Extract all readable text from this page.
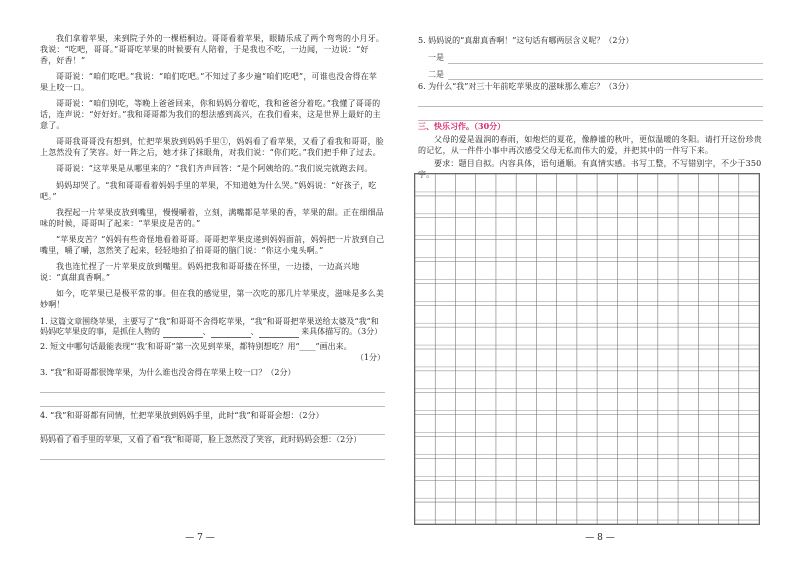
我们拿着苹果，来到院子外的一棵梧桐边。哥哥看着苹果，眼睛乐成了两个弯弯的小月牙。我说：“吃吧，哥哥。”哥哥吃苹果的时候要有人陪着，于是我也不吃，一边闻，一边说：“好香，好香！”

哥哥说：“咱们吃吧。”我说：“咱们吃吧。”不知过了多少遍“咱们吃吧”，可谁也没舍得在苹果上咬一口。

哥哥说：“咱们别吃，等晚上爸爸回来，你和妈妈分着吃，我和爸爸分着吃。”我懂了哥哥的话，连声说：“好好好。”我和哥哥都为我们的想法感到高兴，在我们看来，这是世界上最好的主意了。

哥哥我哥哥没有想到，忙把苹果放到妈妈手里①，妈妈看了看苹果，又看了看我和哥哥，脸上忽然没有了笑容。好一阵之后，她才抹了抹眼角，对我们说：“你们吃。”我们把手伸了过去。

哥哥说：“这苹果是从哪里来的？”我们齐声回答：“是个阿姨给的。”我们说完就跑去问。

妈妈却哭了。“我和哥哥看着妈妈手里的苹果，不知道她为什么哭。”妈妈说：“好孩子，吃吧。”

我捏起一片苹果皮放到嘴里，慢慢嚼着，立刻，满嘴都是苹果的香，苹果的甜。正在细细品味的时候，哥哥叫了起来：“苹果皮是苦的。”

“苹果皮苦？”妈妈有些奇怪地看着哥哥。哥哥把苹果皮递到妈妈面前，妈妈把一片放到自己嘴里，嚼了嚼，忽然笑了起来，轻轻地拍了拍哥哥的脑门说：“你这小鬼头啊。”

我也连忙捏了一片苹果皮放到嘴里。妈妈把我和哥哥搂在怀里，一边搂，一边高兴地说：“真甜真香啊。”

如今，吃苹果已是极平常的事。但在我的感觉里，第一次吃的那几片苹果皮，滋味是多么美妙啊！

1. 这篇文章围绕苹果，主要写了“我”和哥哥不舍得吃苹果，“我”和哥哥把苹果送给太婆及“我”和妈妈吃苹果皮的事，是抓住人物的	、	、	来具体描写的。（3分）
2. 短文中哪句话最能表现“‘我’和哥哥”第一次见到苹果，都特别想吃？用“____”画出来。
（1分）
3. “我”和哥哥都很馋苹果，为什么谁也没舍得在苹果上咬一口？（2分）
4. “我”和哥哥都有同情，忙把苹果放到妈妈手里，此时“我”和哥哥会想：（2分）
妈妈看了看手里的苹果，又看了看“我”和哥哥，脸上忽然没了笑容，此时妈妈会想：（2分）
— 7 —
5. 妈妈说的“真甜真香啊！”这句话有哪两层含义呢？（2分）
一是
二是
6. 为什么“我”对三十年前吃苹果皮的滋味那么难忘？（3分）
三、快乐习作。（30分）

父母的爱是温润的春雨，如炮烂的夏花，像静谧的秋叶，更似温暖的冬阳。请打开这份珍贵的记忆，从一件件小事中再次感受父母无私而伟大的爱，并把其中的一件写下来。

要求：题目自拟。内容具体，语句通顺。有真情实感。书写工整，不写错别字，不少于350字。

— 8 —
